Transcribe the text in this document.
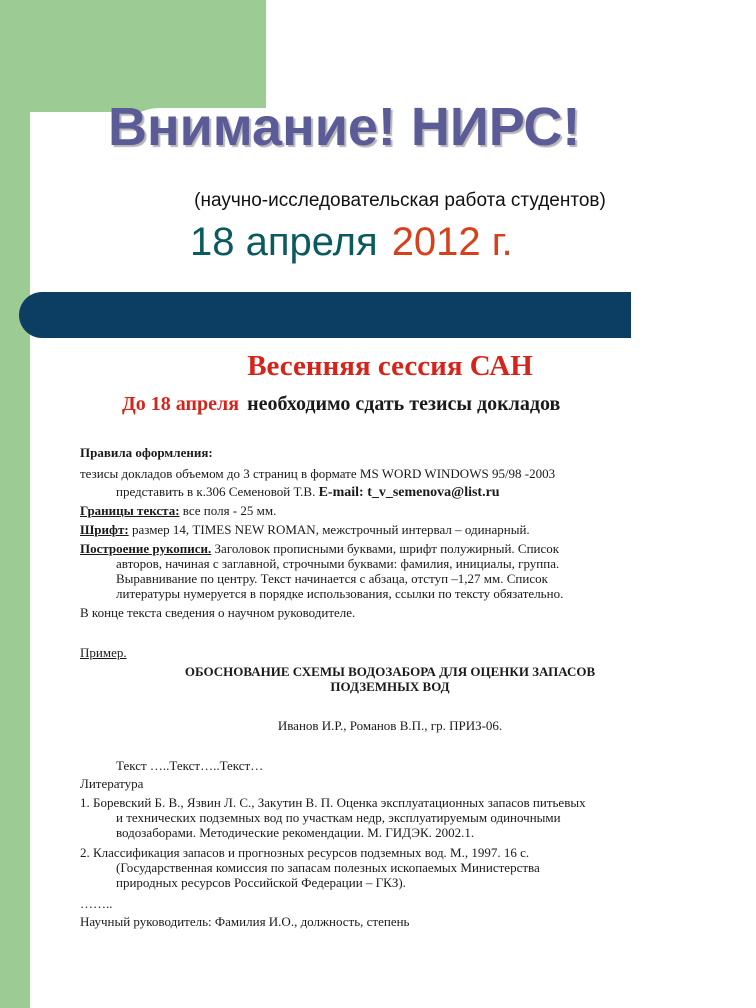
Внимание! НИРС!
(научно-исследовательская работа студентов)
18 апреля 2012 г.
Весенняя сессия САН
До 18 апреля необходимо сдать тезисы докладов
Правила оформления:
тезисы докладов объемом до 3 страниц в формате MS WORD WINDOWS 95/98 -2003
представить в к.306 Семеновой Т.В. E-mail: t_v_semenova@list.ru
Границы текста: все поля - 25 мм.
Шрифт: размер 14, TIMES NEW ROMAN, межстрочный интервал – одинарный.
Построение рукописи. Заголовок прописными буквами, шрифт полужирный. Список
авторов, начиная с заглавной, строчными буквами: фамилия, инициалы, группа.
Выравнивание по центру. Текст начинается с абзаца, отступ –1,27 мм. Список
литературы нумеруется в порядке использования, ссылки по тексту обязательно.
В конце текста сведения о научном руководителе.
Пример.
ОБОСНОВАНИЕ СХЕМЫ ВОДОЗАБОРА ДЛЯ ОЦЕНКИ ЗАПАСОВ
ПОДЗЕМНЫХ ВОД
Иванов И.Р., Романов В.П., гр. ПРИЗ-06.
Текст …..Текст…..Текст…
Литература
1. Боревский Б. В., Язвин Л. С., Закутин В. П. Оценка эксплуатационных запасов питьевых
и технических подземных вод по участкам недр, эксплуатируемым одиночными
водозаборами. Методические рекомендации. М. ГИДЭК. 2002.1.
2. Классификация запасов и прогнозных ресурсов подземных вод. М., 1997. 16 с.
(Государственная комиссия по запасам полезных ископаемых Министерства
природных ресурсов Российской Федерации – ГКЗ).
……..
Научный руководитель: Фамилия И.О., должность, степень
